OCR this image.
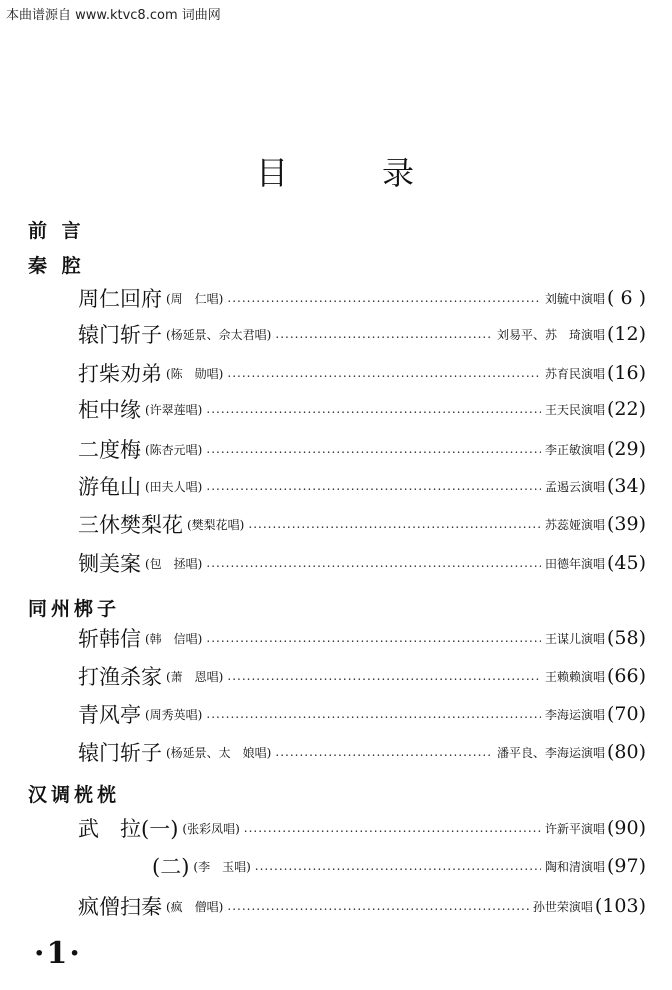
本曲谱源自 www.ktvc8.com 词曲网
目	录
前 言
秦 腔
周仁回府 (周　仁唱) .....	刘毓中演唱 ( 6 )
辕门斩子 (杨延景、佘太君唱) .....	刘易平、苏　琦演唱 (12)
打柴劝弟 (陈　勋唱) .....	苏育民演唱 (16)
柜中缘 (许翠莲唱) .....	王天民演唱 (22)
二度梅 (陈杏元唱) .....	李正敏演唱 (29)
游龟山 (田夫人唱) .....	孟遏云演唱 (34)
三休樊梨花 (樊梨花唱) .....	苏蕊娅演唱 (39)
铡美案 (包　拯唱) .....	田德年演唱 (45)
同州梆子
斩韩信 (韩　信唱) .....	王谋儿演唱 (58)
打渔杀家 (萧　恩唱) .....	王赖赖演唱 (66)
青风亭 (周秀英唱) .....	李海运演唱 (70)
辕门斩子 (杨延景、太　娘唱) .....	潘平良、李海运演唱 (80)
汉调桄桄
武　拉(一) (张彩凤唱) .....	许新平演唱 (90)
(二) (李　玉唱) .....	陶和清演唱 (97)
疯僧扫秦 (疯　僧唱) .....	孙世荣演唱 (103)
·1·
